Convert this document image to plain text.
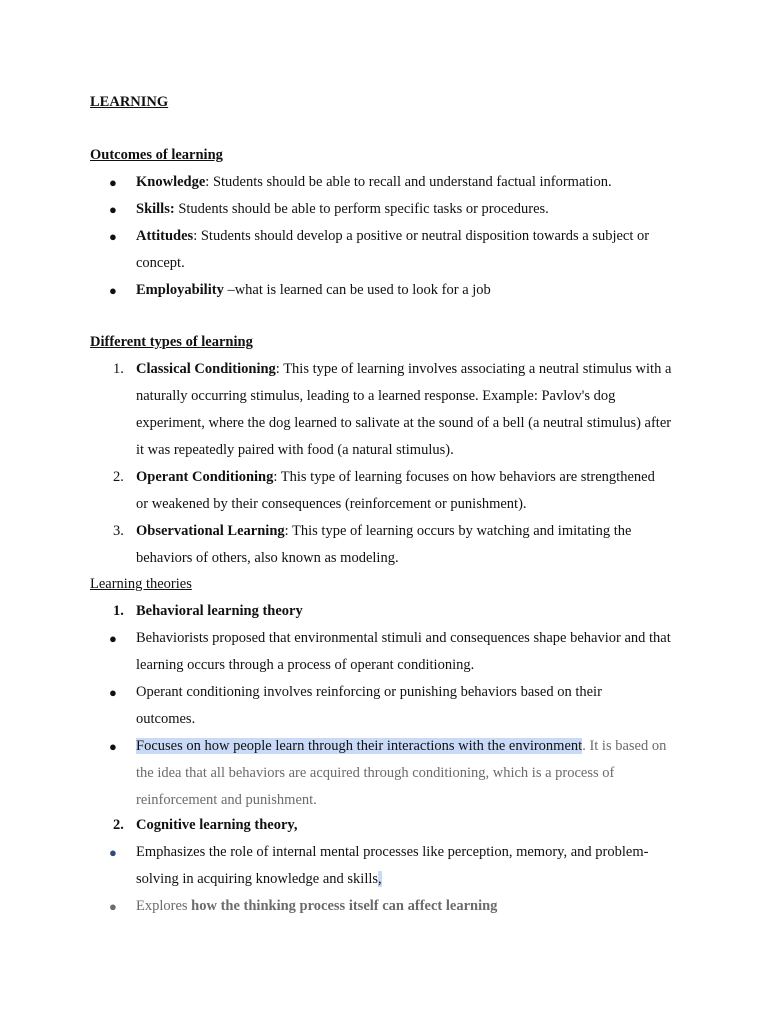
LEARNING

Outcomes of learning

●	Knowledge: Students should be able to recall and understand factual information.
●	Skills: Students should be able to perform specific tasks or procedures.
●	Attitudes: Students should develop a positive or neutral disposition towards a subject or concept.
●	Employability –what is learned can be used to look for a job

Different types of learning

1. Classical Conditioning: This type of learning involves associating a neutral stimulus with a naturally occurring stimulus, leading to a learned response. Example: Pavlov's dog experiment, where the dog learned to salivate at the sound of a bell (a neutral stimulus) after it was repeatedly paired with food (a natural stimulus).
2. Operant Conditioning: This type of learning focuses on how behaviors are strengthened or weakened by their consequences (reinforcement or punishment).
3. Observational Learning: This type of learning occurs by watching and imitating the behaviors of others, also known as modeling.

Learning theories

1. Behavioral learning theory
●	Behaviorists proposed that environmental stimuli and consequences shape behavior and that learning occurs through a process of operant conditioning.
●	Operant conditioning involves reinforcing or punishing behaviors based on their outcomes.
●	Focuses on how people learn through their interactions with the environment. It is based on the idea that all behaviors are acquired through conditioning, which is a process of reinforcement and punishment.
2. Cognitive learning theory,
●	Emphasizes the role of internal mental processes like perception, memory, and problem-solving in acquiring knowledge and skills,
●	Explores how the thinking process itself can affect learning
